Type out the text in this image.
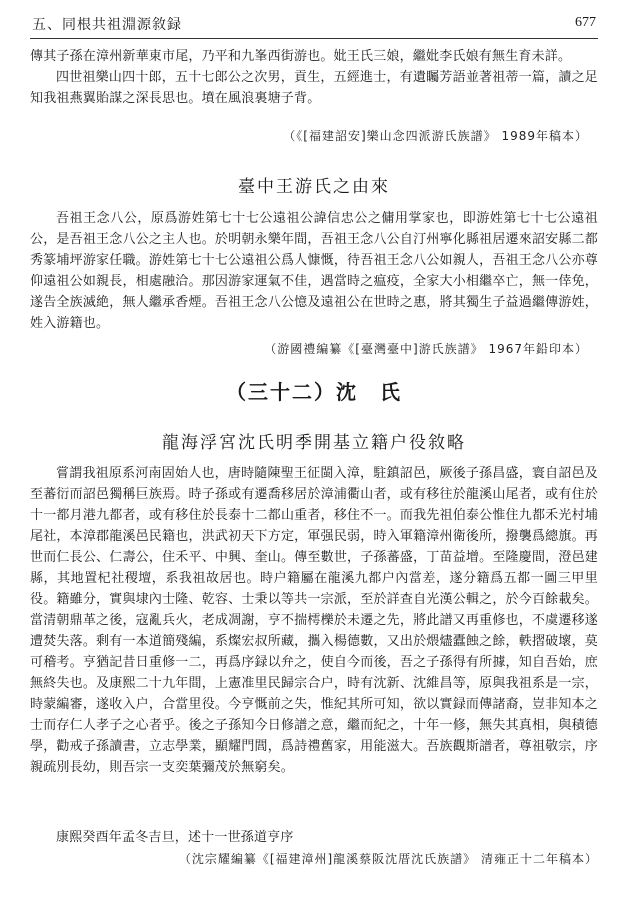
五、同根共祖淵源敘録	677
傳其子孫在漳州新華東市尾，乃平和九峯西街游也。妣王氏三娘，繼妣李氏娘有無生育未詳。
四世祖樂山四十郎，五十七郎公之次男，貢生，五經進士，有遺矚芳語並著祖蒂一篇，讀之足知我祖燕翼貽謀之深長思也。墳在風浪裏塘子背。
（《[福建詔安]樂山念四派游氏族譜》 1989年稿本）
臺中王游氏之由來
吾祖王念八公，原爲游姓第七十七公遠祖公諱信忠公之傭用掌家也，即游姓第七十七公遠祖公，是吾祖王念八公之主人也。於明朝永樂年間，吾祖王念八公自汀州寧化縣祖居遷來詔安縣二都秀篆埔坪游家任職。游姓第七十七公遠祖公爲人慷慨，待吾祖王念八公如親人，吾祖王念八公亦尊仰遠祖公如親長，相處融洽。那因游家運氣不佳，遇當時之瘟疫，全家大小相繼卒亡，無一倖免，遂告全族滅絶，無人繼承香煙。吾祖王念八公憶及遠祖公在世時之惠，將其獨生子益過繼傳游姓，姓入游籍也。
（游國禮編纂《[臺灣臺中]游氏族譜》 1967年鉛印本）
（三十二）沈　氏
龍海浮宮沈氏明季開基立籍户役敘略
嘗謂我祖原系河南固始人也，唐時隨陳聖王征閩入漳，駐鎮詔邑，厥後子孫昌盛，寰自詔邑及至蕃衍而詔邑獨稱巨族焉。時子孫或有遷喬移居於漳浦衢山者，或有移往於龍溪山尾者，或有住於十一都月港九都者，或有移住於長泰十二都山重者，移住不一。而我先祖伯泰公惟住九都禾光村埔尾社，本漳郡龍溪邑民籍也，洪武初天下方定，軍强民弱，時入軍籍漳州衛後所，撥襲爲總旗。再世而仁長公、仁壽公，住禾平、中興、奎山。傳至數世，子孫蕃盛，丁苗益增。至隆慶間，澄邑建縣，其地置杞社稷壇，系我祖故居也。時户籍屬在龍溪九都户內當差，遂分籍爲五都一圖三甲里役。籍雖分，實與埭內士隆、乾容、士秉以等共一宗派，至於詳查自光漢公輯之，於今百餘載矣。當清朝鼎革之後，寇亂兵火，老成凋謝，亨不揣樗櫟於未遷之先，將此譜又再重修也，不虞遷移遂遭焚失落。剩有一本道簡殘編，系燦宏叔所藏，攜入楊德數，又出於煨燼蠹蝕之餘，軼摺破壞，莫可稽考。亨猶記昔日重修一二，再爲序録以弁之，使自今而後，吾之子孫得有所據，知自吾始，庶無終失也。及康熙二十九年間，上憲准里民歸宗合户，時有沈新、沈維昌等，原與我祖系是一宗，時蒙編審，遂收入户，合當里役。今亨慨前之失，惟紀其所可知，欲以實録而傳諸裔，豈非知本之士而存仁人孝子之心者乎。後之子孫知今日修譜之意，繼而紀之，十年一修，無失其真相，與積德學，勸戒子孫讀書，立志學業，顯耀門閭，爲詩禮舊家，用能滋大。吾族觀斯譜者，尊祖敬宗，序親疏別長幼，則吾宗一支奕葉彌茂於無窮矣。
康熙癸酉年孟冬吉旦，述十一世孫道亨序
（沈宗耀編纂《[福建漳州]龍溪蔡阪沈厝沈氏族譜》 清雍正十二年稿本）
